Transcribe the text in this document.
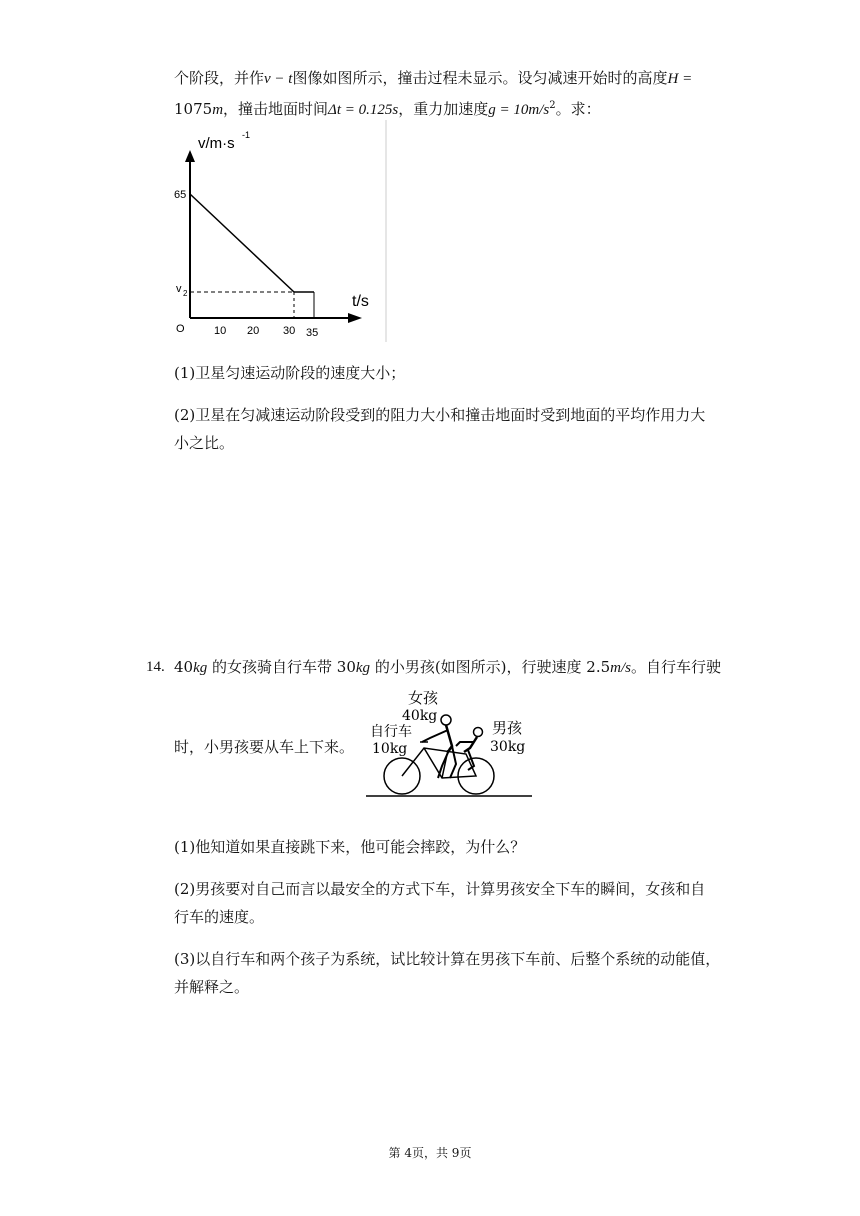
个阶段，并作v − t图像如图所示，撞击过程未显示。设匀减速开始时的高度H =
1075m，撞击地面时间Δt = 0.125s，重力加速度$g = 10m/s^2$。求：
v/m·s -1
t/s
O
65
v 2
10 20 30 35
(1)卫星匀速运动阶段的速度大小；
(2)卫星在匀减速运动阶段受到的阻力大小和撞击地面时受到地面的平均作用力大
小之比。
14. 40kg 的女孩骑自行车带 30kg 的小男孩(如图所示)，行驶速度 2.5m/s。自行车行驶
时，小男孩要从车上下来。
女孩
40kg
自行车
10kg
男孩
30kg
(1)他知道如果直接跳下来，他可能会摔跤，为什么？
(2)男孩要对自己而言以最安全的方式下车，计算男孩安全下车的瞬间，女孩和自
行车的速度。
(3)以自行车和两个孩子为系统，试比较计算在男孩下车前、后整个系统的动能值，
并解释之。
第 4页，共 9页
